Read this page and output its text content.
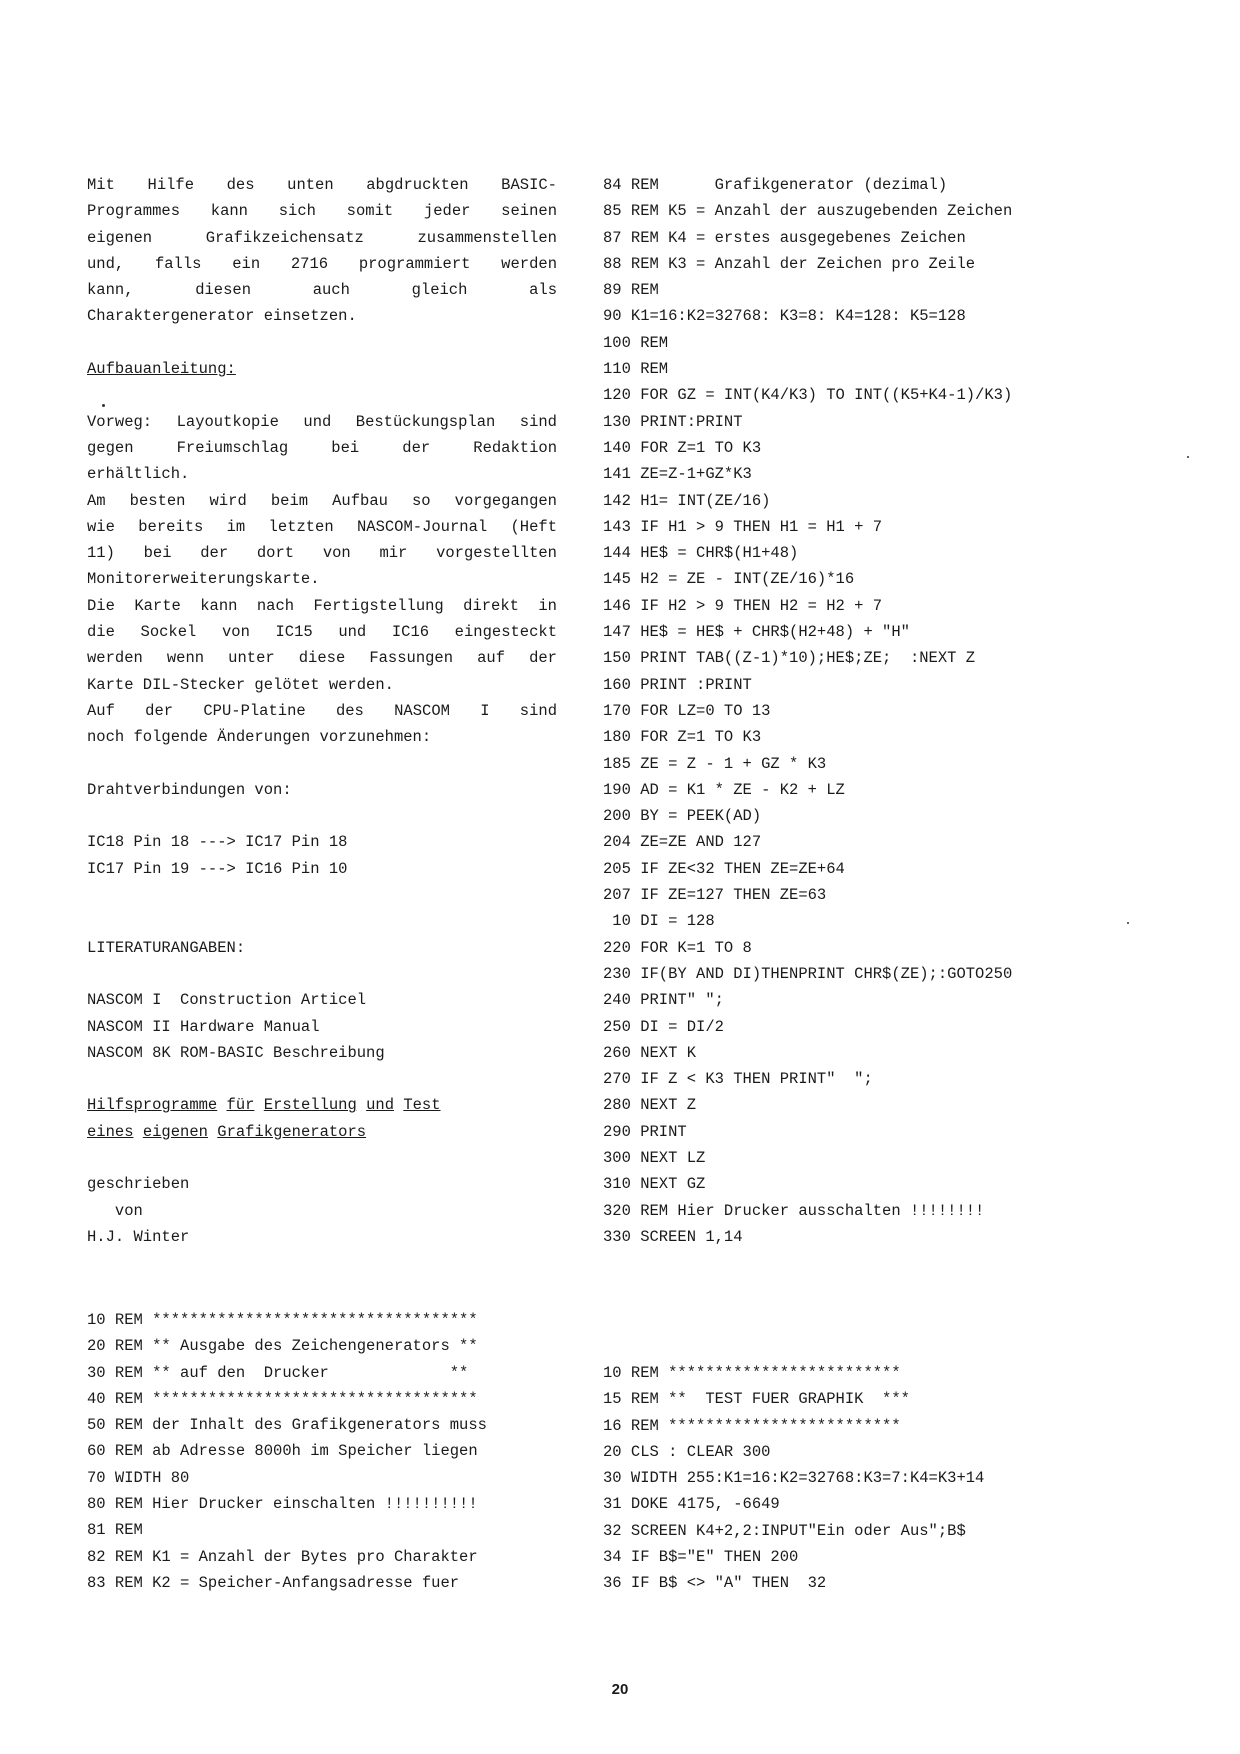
Mit Hilfe des unten abgdruckten BASIC-
Programmes kann sich somit jeder seinen
eigenen Grafikzeichensatz zusammenstellen
und, falls ein 2716 programmiert werden
kann, diesen auch gleich als
Charaktergenerator einsetzen.
Aufbauanleitung:
Vorweg: Layoutkopie und Bestückungsplan sind
gegen Freiumschlag bei der Redaktion
erhältlich.
Am besten wird beim Aufbau so vorgegangen
wie bereits im letzten NASCOM-Journal (Heft
11) bei der dort von mir vorgestellten
Monitorerweiterungskarte.
Die Karte kann nach Fertigstellung direkt in
die Sockel von IC15 und IC16 eingesteckt
werden wenn unter diese Fassungen auf der
Karte DIL-Stecker gelötet werden.
Auf der CPU-Platine des NASCOM I sind
noch folgende Änderungen vorzunehmen:
Drahtverbindungen von:
IC18 Pin 18 ---> IC17 Pin 18
IC17 Pin 19 ---> IC16 Pin 10
LITERATURANGABEN:
NASCOM I  Construction Articel
NASCOM II Hardware Manual
NASCOM 8K ROM-BASIC Beschreibung
Hilfsprogramme für Erstellung und Test
eines eigenen Grafikgenerators
geschrieben
von
H.J. Winter
10 REM ***********************************
20 REM ** Ausgabe des Zeichengenerators **
30 REM ** auf den  Drucker             **
40 REM ***********************************
50 REM der Inhalt des Grafikgenerators muss
60 REM ab Adresse 8000h im Speicher liegen
70 WIDTH 80
80 REM Hier Drucker einschalten !!!!!!!!!!
81 REM
82 REM K1 = Anzahl der Bytes pro Charakter
83 REM K2 = Speicher-Anfangsadresse fuer
84 REM      Grafikgenerator (dezimal)
85 REM K5 = Anzahl der auszugebenden Zeichen
87 REM K4 = erstes ausgegebenes Zeichen
88 REM K3 = Anzahl der Zeichen pro Zeile
89 REM
90 K1=16:K2=32768: K3=8: K4=128: K5=128
100 REM
110 REM
120 FOR GZ = INT(K4/K3) TO INT((K5+K4-1)/K3)
130 PRINT:PRINT
140 FOR Z=1 TO K3
141 ZE=Z-1+GZ*K3
142 H1= INT(ZE/16)
143 IF H1 > 9 THEN H1 = H1 + 7
144 HE$ = CHR$(H1+48)
145 H2 = ZE - INT(ZE/16)*16
146 IF H2 > 9 THEN H2 = H2 + 7
147 HE$ = HE$ + CHR$(H2+48) + "H"
150 PRINT TAB((Z-1)*10);HE$;ZE;  :NEXT Z
160 PRINT :PRINT
170 FOR LZ=0 TO 13
180 FOR Z=1 TO K3
185 ZE = Z - 1 + GZ * K3
190 AD = K1 * ZE - K2 + LZ
200 BY = PEEK(AD)
204 ZE=ZE AND 127
205 IF ZE<32 THEN ZE=ZE+64
207 IF ZE=127 THEN ZE=63
10 DI = 128
220 FOR K=1 TO 8
230 IF(BY AND DI)THENPRINT CHR$(ZE);:GOTO250
240 PRINT" ";
250 DI = DI/2
260 NEXT K
270 IF Z < K3 THEN PRINT"  ";
280 NEXT Z
290 PRINT
300 NEXT LZ
310 NEXT GZ
320 REM Hier Drucker ausschalten !!!!!!!!
330 SCREEN 1,14
10 REM *************************
15 REM **  TEST FUER GRAPHIK  ***
16 REM *************************
20 CLS : CLEAR 300
30 WIDTH 255:K1=16:K2=32768:K3=7:K4=K3+14
31 DOKE 4175, -6649
32 SCREEN K4+2,2:INPUT"Ein oder Aus";B$
34 IF B$="E" THEN 200
36 IF B$ <> "A" THEN  32
20
